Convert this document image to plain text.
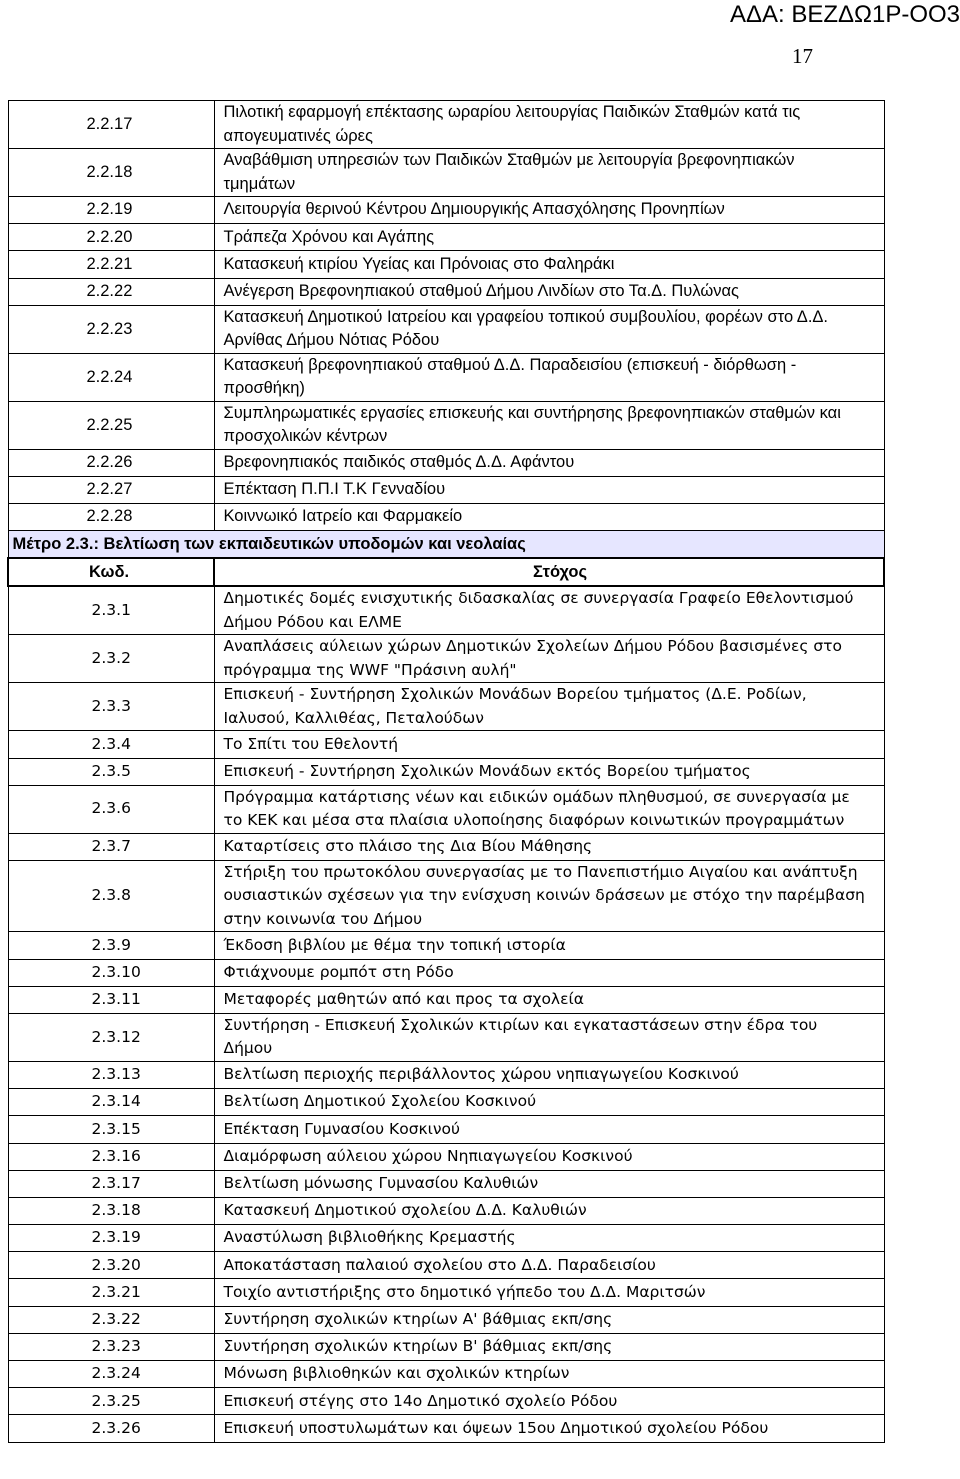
ΑΔΑ: ΒΕΖΔΩ1Ρ-ΟΟ3
17
2.2.17	Πιλοτική εφαρμογή επέκτασης ωραρίου λειτουργίας Παιδικών Σταθμών κατά τις απογευματινές ώρες
2.2.18	Αναβάθμιση υπηρεσιών των Παιδικών Σταθμών με λειτουργία βρεφονηπιακών τμημάτων
2.2.19	Λειτουργία θερινού Κέντρου Δημιουργικής Απασχόλησης Προνηπίων
2.2.20	Τράπεζα Χρόνου και Αγάπης
2.2.21	Κατασκευή κτιρίου Υγείας και Πρόνοιας στο Φαληράκι
2.2.22	Ανέγερση Βρεφονηπιακού σταθμού Δήμου Λινδίων στο Τα.Δ. Πυλώνας
2.2.23	Κατασκευή Δημοτικού Ιατρείου και γραφείου τοπικού συμβουλίου, φορέων στο Δ.Δ. Αρνίθας Δήμου Νότιας Ρόδου
2.2.24	Κατασκευή βρεφονηπιακού σταθμού Δ.Δ. Παραδεισίου (επισκευή - διόρθωση - προσθήκη)
2.2.25	Συμπληρωματικές εργασίες επισκευής και συντήρησης βρεφονηπιακών σταθμών και προσχολικών κέντρων
2.2.26	Βρεφονηπιακός παιδικός σταθμός Δ.Δ. Αφάντου
2.2.27	Επέκταση Π.Π.Ι Τ.Κ Γενναδίου
2.2.28	Κοιννωικό Ιατρείο και Φαρμακείο
Μέτρο 2.3.: Βελτίωση των εκπαιδευτικών υποδομών και νεολαίας	
Κωδ.	Στόχος
2.3.1	Δημοτικές δομές ενισχυτικής διδασκαλίας σε συνεργασία Γραφείο Εθελοντισμού Δήμου Ρόδου και ΕΛΜΕ
2.3.2	Αναπλάσεις αύλειων χώρων Δημοτικών Σχολείων Δήμου Ρόδου βασισμένες στο πρόγραμμα της WWF "Πράσινη αυλή"
2.3.3	Επισκευή - Συντήρηση Σχολικών Μονάδων Βορείου τμήματος (Δ.Ε. Ροδίων, Ιαλυσού, Καλλιθέας, Πεταλούδων
2.3.4	Το Σπίτι του Εθελοντή
2.3.5	Επισκευή - Συντήρηση Σχολικών Μονάδων εκτός Βορείου τμήματος
2.3.6	Πρόγραμμα κατάρτισης νέων και ειδικών ομάδων πληθυσμού, σε συνεργασία με το ΚΕΚ και μέσα στα πλαίσια υλοποίησης διαφόρων κοινωτικών προγραμμάτων
2.3.7	Καταρτίσεις στο πλάισο της Δια Βίου Μάθησης
2.3.8	Στήριξη του πρωτοκόλου συνεργασίας με το Πανεπιστήμιο Αιγαίου και ανάπτυξη ουσιαστικών σχέσεων για την ενίσχυση κοινών δράσεων με στόχο την παρέμβαση στην κοινωνία του Δήμου
2.3.9	Έκδοση βιβλίου με θέμα την τοπική ιστορία
2.3.10	Φτιάχνουμε ρομπότ στη Ρόδο
2.3.11	Μεταφορές μαθητών από και προς τα σχολεία
2.3.12	Συντήρηση - Επισκευή Σχολικών κτιρίων και εγκαταστάσεων στην έδρα του Δήμου
2.3.13	Βελτίωση περιοχής περιβάλλοντος χώρου νηπιαγωγείου Κοσκινού
2.3.14	Βελτίωση Δημοτικού Σχολείου Κοσκινού
2.3.15	Επέκταση Γυμνασίου Κοσκινού
2.3.16	Διαμόρφωση αύλειου χώρου Νηπιαγωγείου Κοσκινού
2.3.17	Βελτίωση μόνωσης Γυμνασίου Καλυθιών
2.3.18	Κατασκευή Δημοτικού σχολείου Δ.Δ. Καλυθιών
2.3.19	Αναστύλωση βιβλιοθήκης Κρεμαστής
2.3.20	Αποκατάσταση παλαιού σχολείου στο Δ.Δ. Παραδεισίου
2.3.21	Τοιχίο αντιστήριξης στο δημοτικό γήπεδο του Δ.Δ. Μαριτσών
2.3.22	Συντήρηση σχολικών κτηρίων Α' βάθμιας εκπ/σης
2.3.23	Συντήρηση σχολικών κτηρίων Β' βάθμιας εκπ/σης
2.3.24	Μόνωση βιβλιοθηκών και σχολικών κτηρίων
2.3.25	Επισκευή στέγης στο 14ο Δημοτικό σχολείο Ρόδου
2.3.26	Επισκευή υποστυλωμάτων και όψεων 15ου Δημοτικού σχολείου Ρόδου
